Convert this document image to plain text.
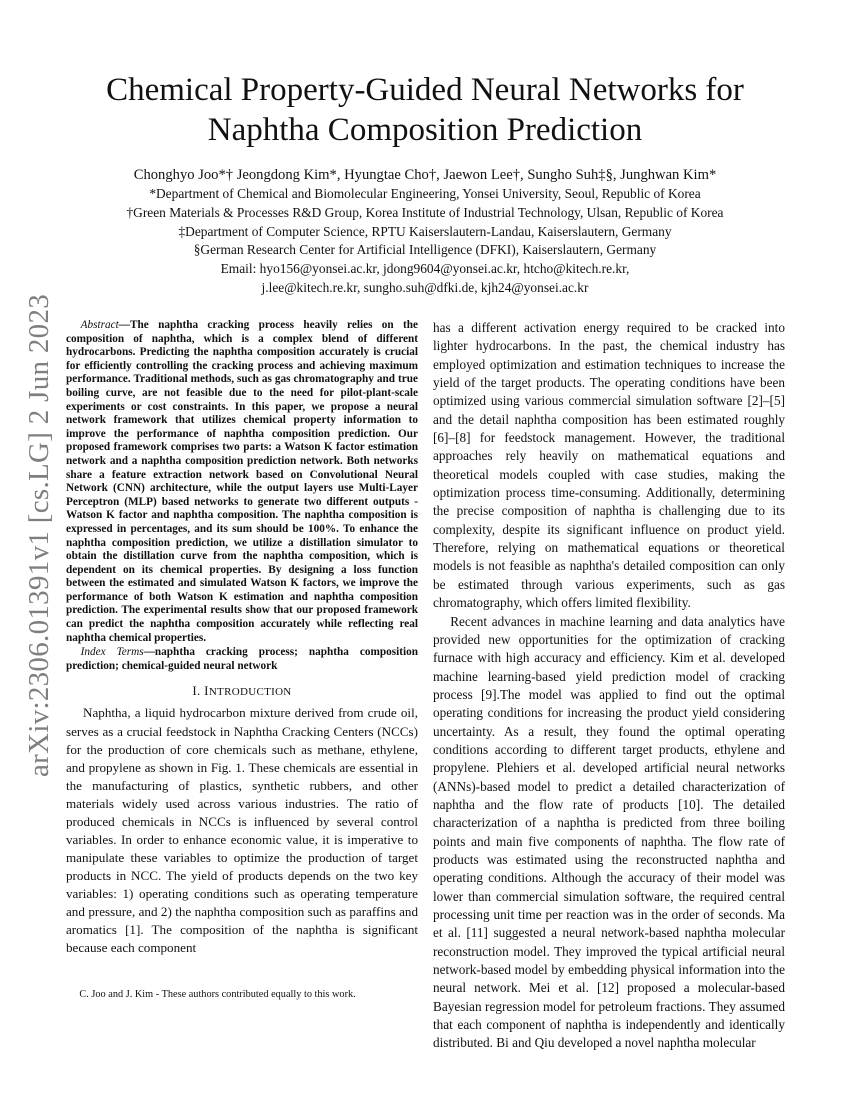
arXiv:2306.01391v1 [cs.LG] 2 Jun 2023
Chemical Property-Guided Neural Networks for Naphtha Composition Prediction
Chonghyo Joo*† Jeongdong Kim*, Hyungtae Cho†, Jaewon Lee†, Sungho Suh‡§, Junghwan Kim*
*Department of Chemical and Biomolecular Engineering, Yonsei University, Seoul, Republic of Korea
†Green Materials & Processes R&D Group, Korea Institute of Industrial Technology, Ulsan, Republic of Korea
‡Department of Computer Science, RPTU Kaiserslautern-Landau, Kaiserslautern, Germany
§German Research Center for Artificial Intelligence (DFKI), Kaiserslautern, Germany
Email: hyo156@yonsei.ac.kr, jdong9604@yonsei.ac.kr, htcho@kitech.re.kr,
j.lee@kitech.re.kr, sungho.suh@dfki.de, kjh24@yonsei.ac.kr

Abstract—The naphtha cracking process heavily relies on the composition of naphtha, which is a complex blend of different hydrocarbons. Predicting the naphtha composition accurately is crucial for efficiently controlling the cracking process and achieving maximum performance. Traditional methods, such as gas chromatography and true boiling curve, are not feasible due to the need for pilot-plant-scale experiments or cost constraints. In this paper, we propose a neural network framework that utilizes chemical property information to improve the performance of naphtha composition prediction. Our proposed framework comprises two parts: a Watson K factor estimation network and a naphtha composition prediction network. Both networks share a feature extraction network based on Convolutional Neural Network (CNN) architecture, while the output layers use Multi-Layer Perceptron (MLP) based networks to generate two different outputs - Watson K factor and naphtha composition. The naphtha composition is expressed in percentages, and its sum should be 100%. To enhance the naphtha composition prediction, we utilize a distillation simulator to obtain the distillation curve from the naphtha composition, which is dependent on its chemical properties. By designing a loss function between the estimated and simulated Watson K factors, we improve the performance of both Watson K estimation and naphtha composition prediction. The experimental results show that our proposed framework can predict the naphtha composition accurately while reflecting real naphtha chemical properties.

Index Terms—naphtha cracking process; naphtha composition prediction; chemical-guided neural network

I. INTRODUCTION

Naphtha, a liquid hydrocarbon mixture derived from crude oil, serves as a crucial feedstock in Naphtha Cracking Centers (NCCs) for the production of core chemicals such as methane, ethylene, and propylene as shown in Fig. 1. These chemicals are essential in the manufacturing of plastics, synthetic rubbers, and other materials widely used across various industries. The ratio of produced chemicals in NCCs is influenced by several control variables. In order to enhance economic value, it is imperative to manipulate these variables to optimize the production of target products in NCC. The yield of products depends on the two key variables: 1) operating conditions such as operating temperature and pressure, and 2) the naphtha composition such as paraffins and aromatics [1]. The composition of the naphtha is significant because each component

C. Joo and J. Kim - These authors contributed equally to this work.

has a different activation energy required to be cracked into lighter hydrocarbons. In the past, the chemical industry has employed optimization and estimation techniques to increase the yield of the target products. The operating conditions have been optimized using various commercial simulation software [2]–[5] and the detail naphtha composition has been estimated roughly [6]–[8] for feedstock management. However, the traditional approaches rely heavily on mathematical equations and theoretical models coupled with case studies, making the optimization process time-consuming. Additionally, determining the precise composition of naphtha is challenging due to its complexity, despite its significant influence on product yield. Therefore, relying on mathematical equations or theoretical models is not feasible as naphtha's detailed composition can only be estimated through various experiments, such as gas chromatography, which offers limited flexibility.

Recent advances in machine learning and data analytics have provided new opportunities for the optimization of cracking furnace with high accuracy and efficiency. Kim et al. developed machine learning-based yield prediction model of cracking process [9].The model was applied to find out the optimal operating conditions for increasing the product yield considering uncertainty. As a result, they found the optimal operating conditions according to different target products, ethylene and propylene. Plehiers et al. developed artificial neural networks (ANNs)-based model to predict a detailed characterization of naphtha and the flow rate of products [10]. The detailed characterization of a naphtha is predicted from three boiling points and main five components of naphtha. The flow rate of products was estimated using the reconstructed naphtha and operating conditions. Although the accuracy of their model was lower than commercial simulation software, the required central processing unit time per reaction was in the order of seconds. Ma et al. [11] suggested a neural network-based naphtha molecular reconstruction model. They improved the typical artificial neural network-based model by embedding physical information into the neural network. Mei et al. [12] proposed a molecular-based Bayesian regression model for petroleum fractions. They assumed that each component of naphtha is independently and identically distributed. Bi and Qiu developed a novel naphtha molecular
